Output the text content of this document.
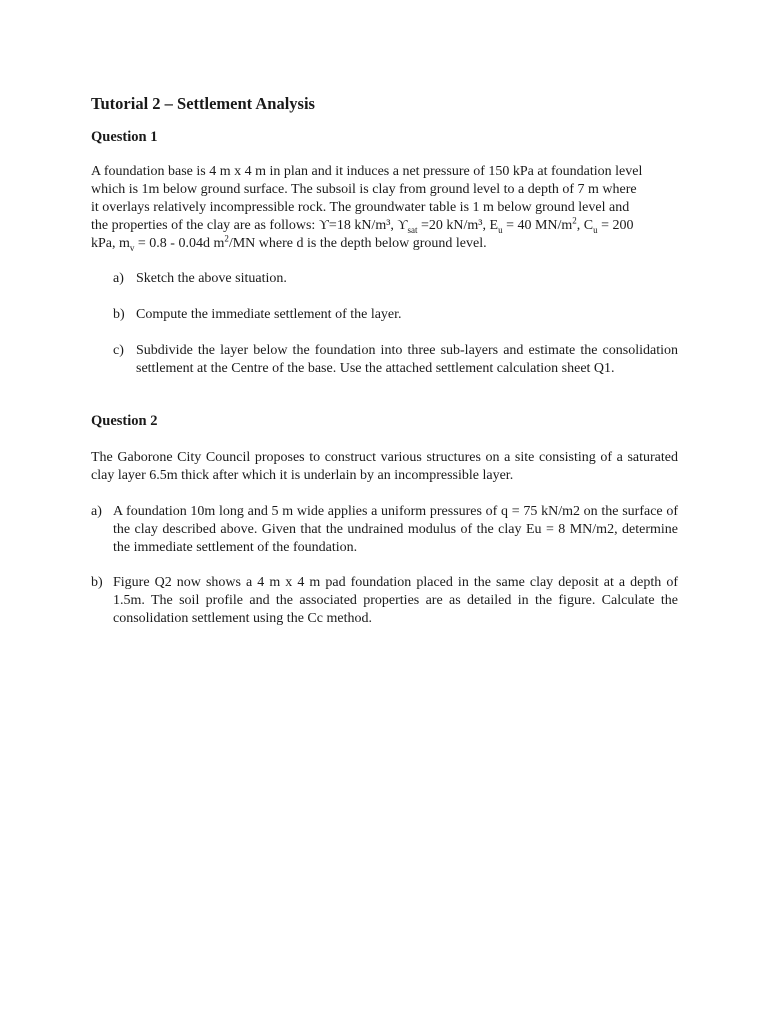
Tutorial 2 – Settlement Analysis
Question 1
A foundation base is 4 m x 4 m in plan and it induces a net pressure of 150 kPa at foundation level
which is 1m below ground surface. The subsoil is clay from ground level to a depth of 7 m where
it overlays relatively incompressible rock. The groundwater table is 1 m below ground level and
the properties of the clay are as follows: ϒ=18 kN/m³, $ϒ_{sat} =20$ kN/m³, $E_u = 40$ $MN/m^2$, $C_u = 200$
kPa, $m_v = 0.8 - 0.04d$ $m^2/MN$ where d is the depth below ground level.
a) Sketch the above situation.
b) Compute the immediate settlement of the layer.
c) Subdivide the layer below the foundation into three sub-layers and estimate the consolidation settlement at the Centre of the base. Use the attached settlement calculation sheet Q1.
Question 2
The Gaborone City Council proposes to construct various structures on a site consisting of a saturated clay layer 6.5m thick after which it is underlain by an incompressible layer.
a) A foundation 10m long and 5 m wide applies a uniform pressures of q = 75 kN/m2 on the surface of the clay described above. Given that the undrained modulus of the clay Eu = 8 MN/m2, determine the immediate settlement of the foundation.
b) Figure Q2 now shows a 4 m x 4 m pad foundation placed in the same clay deposit at a depth of 1.5m. The soil profile and the associated properties are as detailed in the figure. Calculate the consolidation settlement using the Cc method.
